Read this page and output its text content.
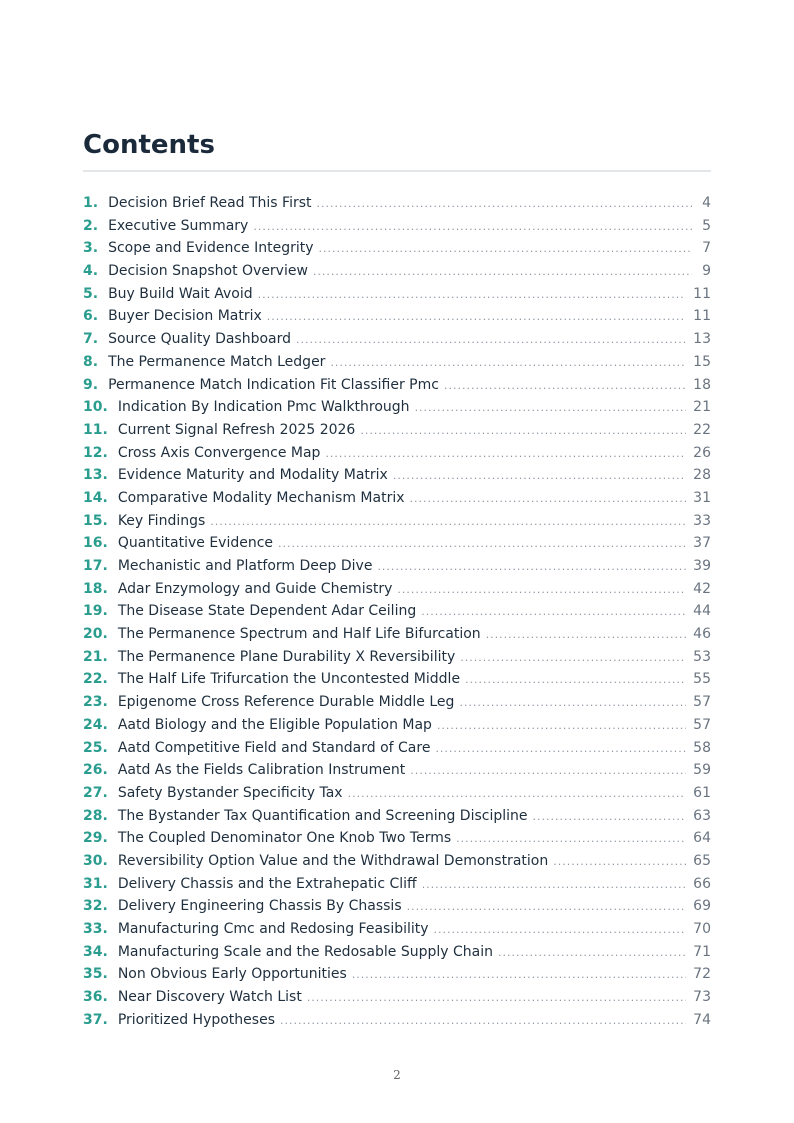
Contents
1. Decision Brief Read This First .....	4
2. Executive Summary .....	5
3. Scope and Evidence Integrity .....	7
4. Decision Snapshot Overview .....	9
5. Buy Build Wait Avoid .....	11
6. Buyer Decision Matrix .....	11
7. Source Quality Dashboard .....	13
8. The Permanence Match Ledger .....	15
9. Permanence Match Indication Fit Classifier Pmc .....	18
10. Indication By Indication Pmc Walkthrough .....	21
11. Current Signal Refresh 2025 2026 .....	22
12. Cross Axis Convergence Map .....	26
13. Evidence Maturity and Modality Matrix .....	28
14. Comparative Modality Mechanism Matrix .....	31
15. Key Findings .....	33
16. Quantitative Evidence .....	37
17. Mechanistic and Platform Deep Dive .....	39
18. Adar Enzymology and Guide Chemistry .....	42
19. The Disease State Dependent Adar Ceiling .....	44
20. The Permanence Spectrum and Half Life Bifurcation .....	46
21. The Permanence Plane Durability X Reversibility .....	53
22. The Half Life Trifurcation the Uncontested Middle .....	55
23. Epigenome Cross Reference Durable Middle Leg .....	57
24. Aatd Biology and the Eligible Population Map .....	57
25. Aatd Competitive Field and Standard of Care .....	58
26. Aatd As the Fields Calibration Instrument .....	59
27. Safety Bystander Specificity Tax .....	61
28. The Bystander Tax Quantification and Screening Discipline .....	63
29. The Coupled Denominator One Knob Two Terms .....	64
30. Reversibility Option Value and the Withdrawal Demonstration .....	65
31. Delivery Chassis and the Extrahepatic Cliff .....	66
32. Delivery Engineering Chassis By Chassis .....	69
33. Manufacturing Cmc and Redosing Feasibility .....	70
34. Manufacturing Scale and the Redosable Supply Chain .....	71
35. Non Obvious Early Opportunities .....	72
36. Near Discovery Watch List .....	73
37. Prioritized Hypotheses .....	74
2
